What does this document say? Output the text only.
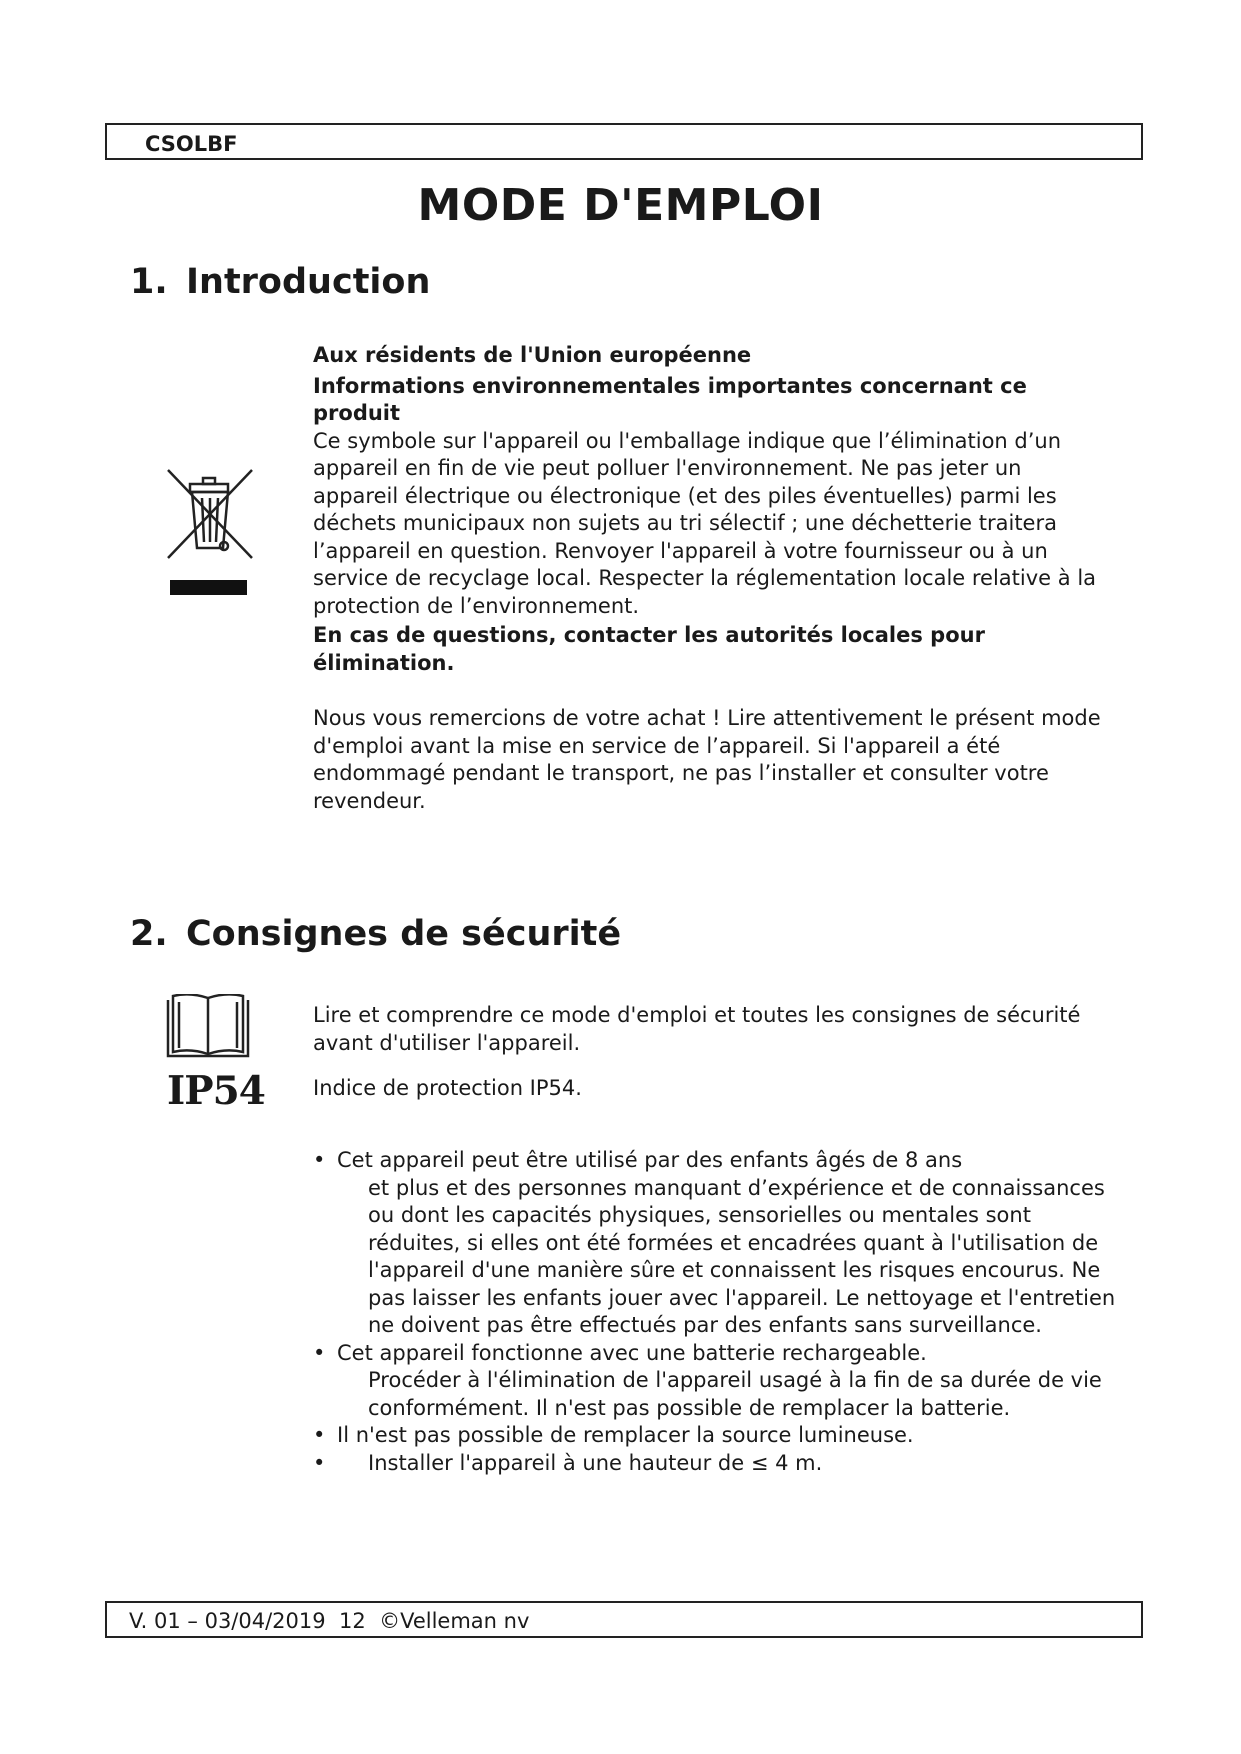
CSOLBF
MODE D'EMPLOI
1. Introduction

Aux résidents de l'Union européenne

Informations environnementales importantes concernant ce produit

Ce symbole sur l'appareil ou l'emballage indique que l’élimination d’un appareil en fin de vie peut polluer l'environnement. Ne pas jeter un appareil électrique ou électronique (et des piles éventuelles) parmi les déchets municipaux non sujets au tri sélectif ; une déchetterie traitera l’appareil en question. Renvoyer l'appareil à votre fournisseur ou à un service de recyclage local. Respecter la réglementation locale relative à la protection de l’environnement.

En cas de questions, contacter les autorités locales pour élimination.

Nous vous remercions de votre achat ! Lire attentivement le présent mode d'emploi avant la mise en service de l’appareil. Si l'appareil a été endommagé pendant le transport, ne pas l’installer et consulter votre revendeur.

2. Consignes de sécurité
IP54
Lire et comprendre ce mode d'emploi et toutes les consignes de sécurité avant d'utiliser l'appareil.
Indice de protection IP54.
• Cet appareil peut être utilisé par des enfants âgés de 8 ans
et plus et des personnes manquant d’expérience et de connaissances ou dont les capacités physiques, sensorielles ou mentales sont réduites, si elles ont été formées et encadrées quant à l'utilisation de l'appareil d'une manière sûre et connaissent les risques encourus. Ne pas laisser les enfants jouer avec l'appareil. Le nettoyage et l'entretien ne doivent pas être effectués par des enfants sans surveillance.
• Cet appareil fonctionne avec une batterie rechargeable.
Procéder à l'élimination de l'appareil usagé à la fin de sa durée de vie conformément. Il n'est pas possible de remplacer la batterie.
• Il n'est pas possible de remplacer la source lumineuse.
• Installer l'appareil à une hauteur de ≤ 4 m.
V. 01 – 03/04/2019 12 ©Velleman nv
